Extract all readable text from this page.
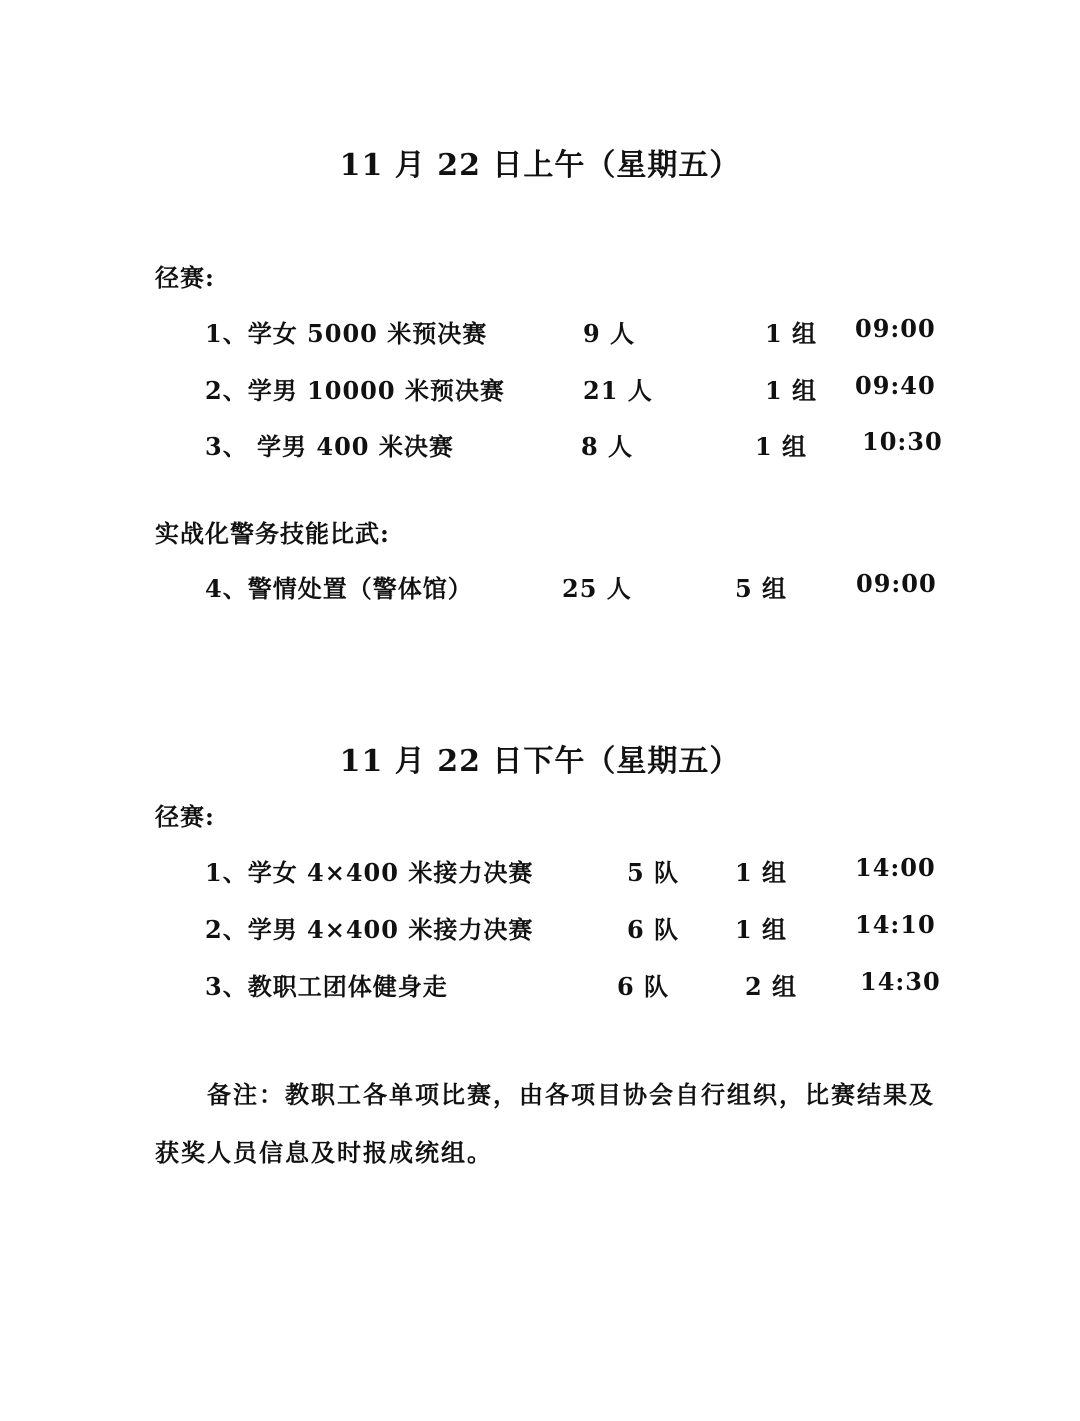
11 月 22 日上午（星期五）
径赛:
1、学女 5000 米预决赛	9 人	1 组 09:00
2、学男 10000 米预决赛	21 人	1 组 09:40
3、 学男 400 米决赛	8 人	1 组 10:30
实战化警务技能比武:
4、警情处置（警体馆）	25 人	5 组	09:00
11 月 22 日下午（星期五）
径赛:
1、学女 4×400 米接力决赛	5 队 1 组	14:00
2、学男 4×400 米接力决赛	6 队 1 组	14:10
3、教职工团体健身走	6 队	2 组	14:30
备注：教职工各单项比赛，由各项目协会自行组织，比赛结果及获奖人员信息及时报成统组。
